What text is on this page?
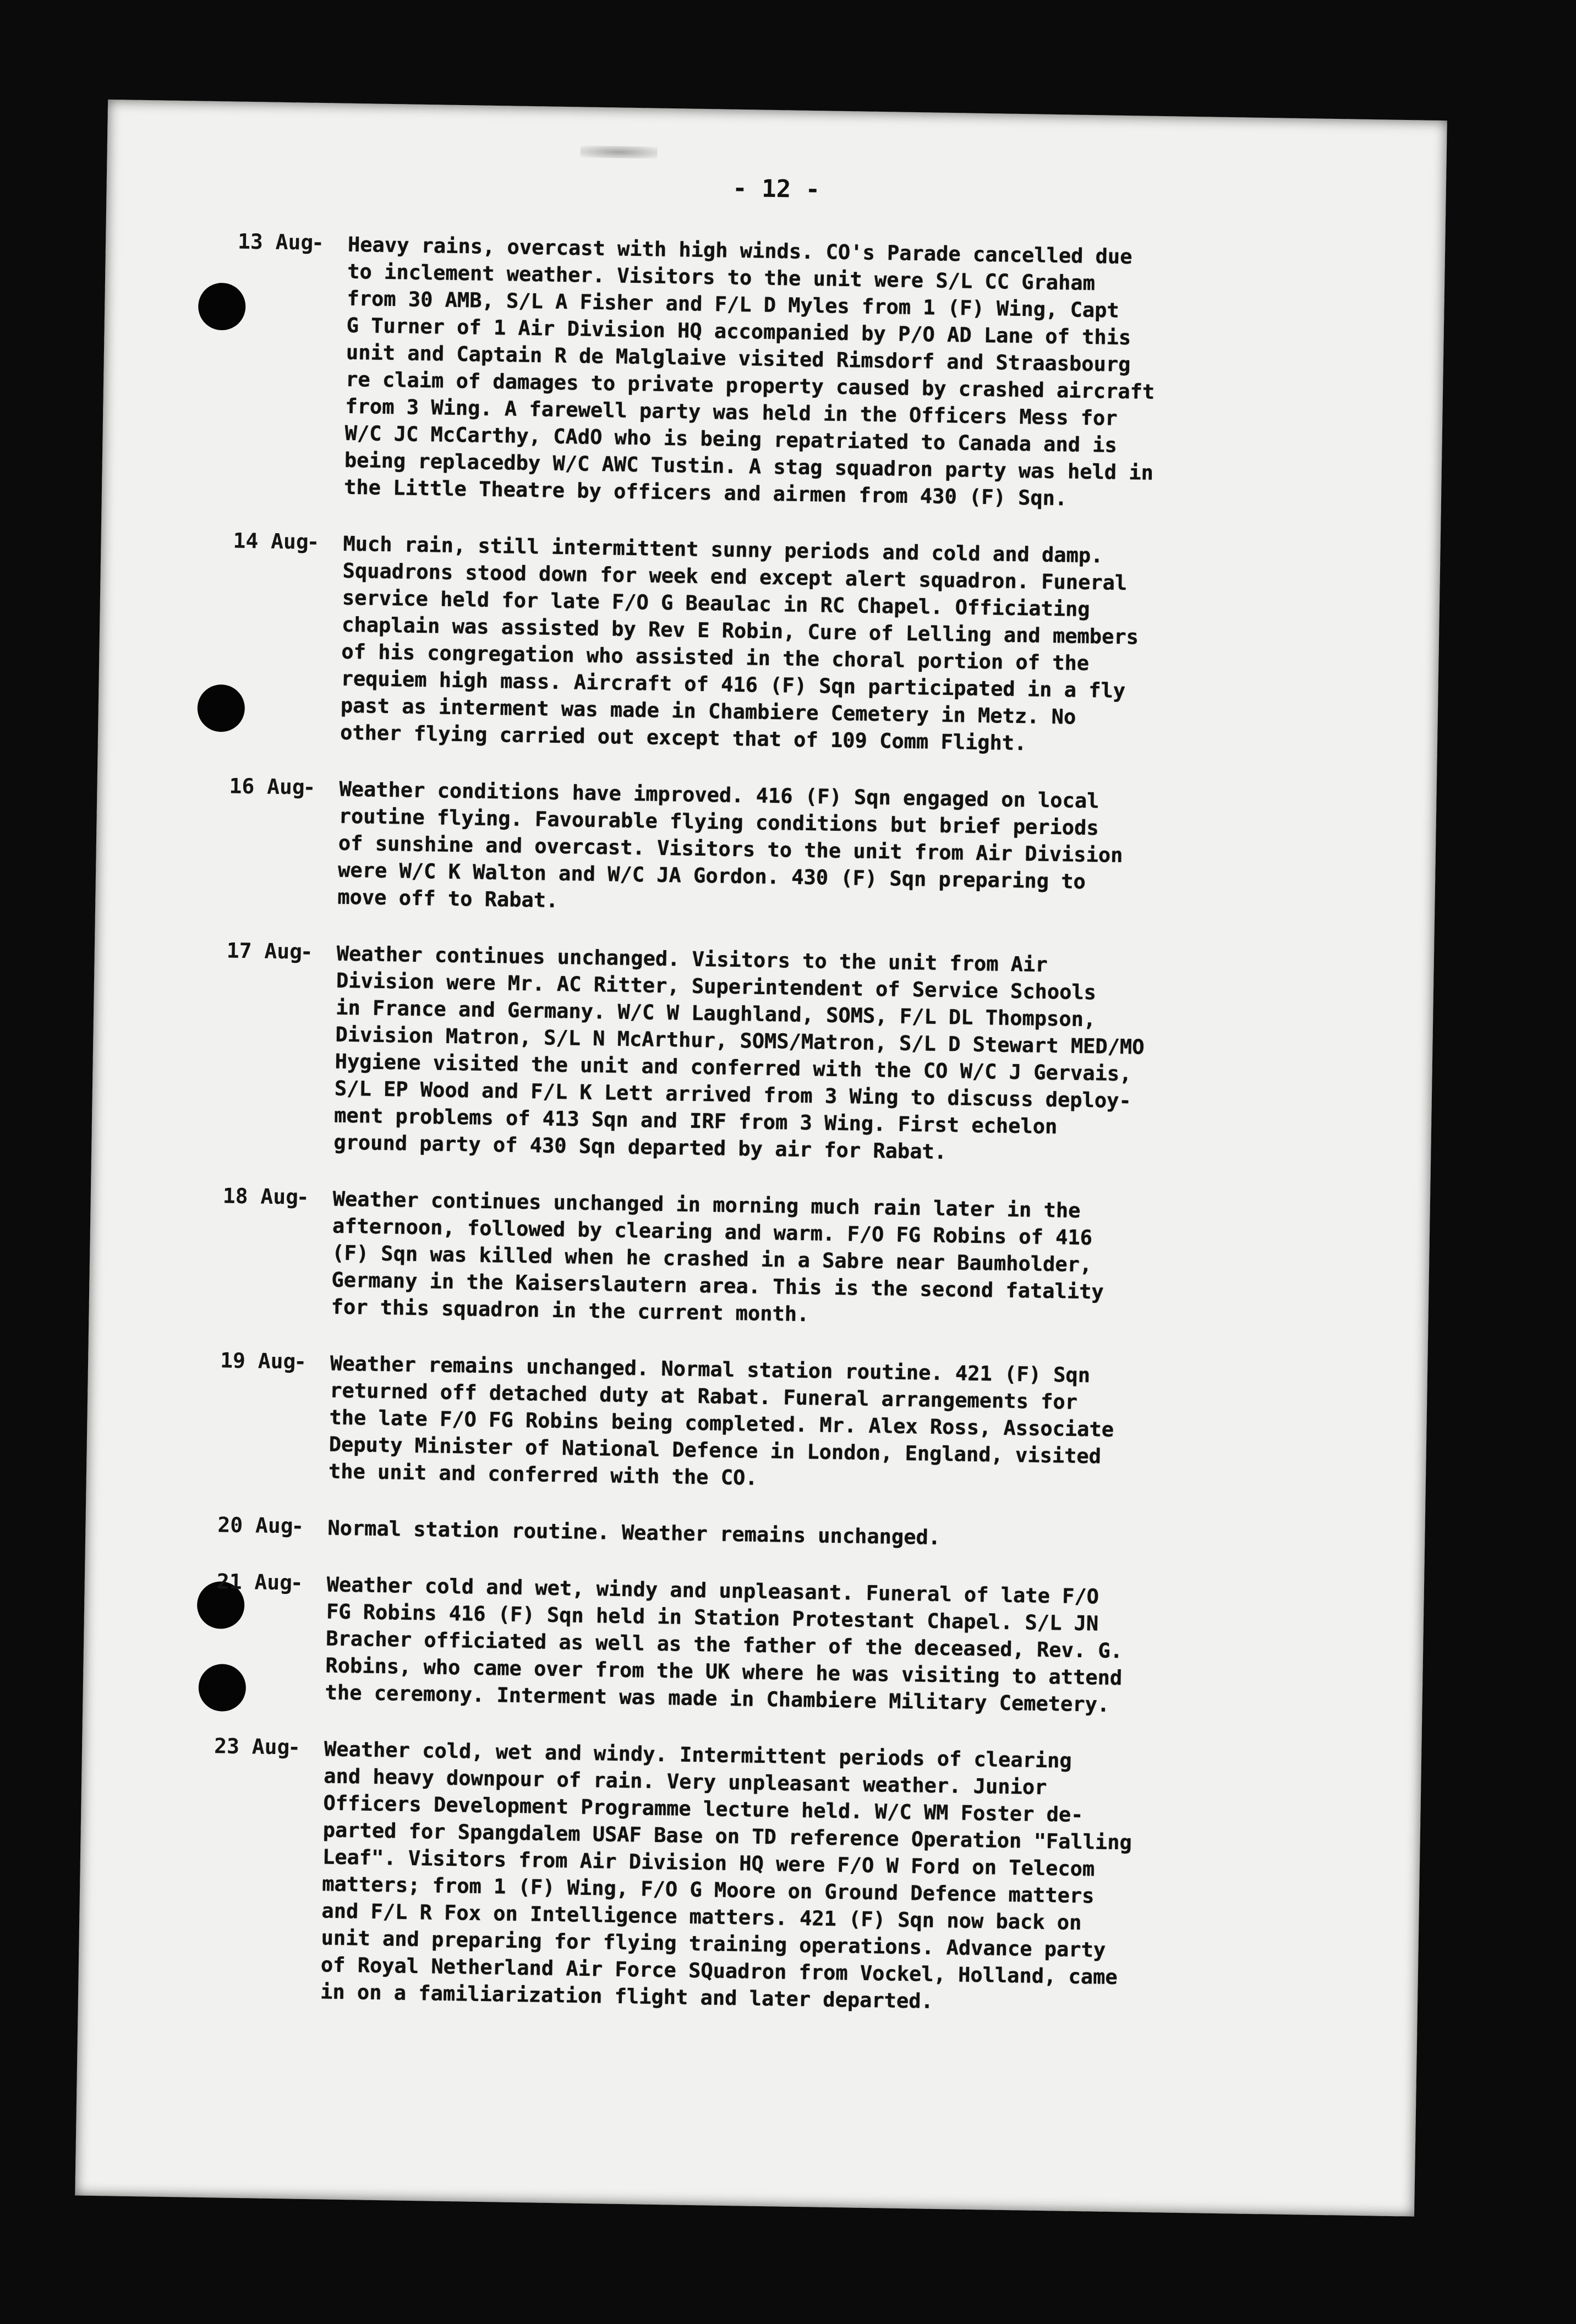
- 12 -
13 Aug
- Heavy rains, overcast with high winds. CO's Parade cancelled due
to inclement weather. Visitors to the unit were S/L CC Graham
from 30 AMB, S/L A Fisher and F/L D Myles from 1 (F) Wing, Capt
G Turner of 1 Air Division HQ accompanied by P/O AD Lane of this
unit and Captain R de Malglaive visited Rimsdorf and Straasbourg
re claim of damages to private property caused by crashed aircraft
from 3 Wing. A farewell party was held in the Officers Mess for
W/C JC McCarthy, CAdO who is being repatriated to Canada and is
being replacedby W/C AWC Tustin. A stag squadron party was held in
the Little Theatre by officers and airmen from 430 (F) Sqn.
14 Aug
- Much rain, still intermittent sunny periods and cold and damp.
Squadrons stood down for week end except alert squadron. Funeral
service held for late F/O G Beaulac in RC Chapel. Officiating
chaplain was assisted by Rev E Robin, Cure of Lelling and members
of his congregation who assisted in the choral portion of the
requiem high mass. Aircraft of 416 (F) Sqn participated in a fly
past as interment was made in Chambiere Cemetery in Metz. No
other flying carried out except that of 109 Comm Flight.
16 Aug
- Weather conditions have improved. 416 (F) Sqn engaged on local
routine flying. Favourable flying conditions but brief periods
of sunshine and overcast. Visitors to the unit from Air Division
were W/C K Walton and W/C JA Gordon. 430 (F) Sqn preparing to
move off to Rabat.
17 Aug
- Weather continues unchanged. Visitors to the unit from Air
Division were Mr. AC Ritter, Superintendent of Service Schools
in France and Germany. W/C W Laughland, SOMS, F/L DL Thompson,
Division Matron, S/L N McArthur, SOMS/Matron, S/L D Stewart MED/MO
Hygiene visited the unit and conferred with the CO W/C J Gervais,
S/L EP Wood and F/L K Lett arrived from 3 Wing to discuss deploy-
ment problems of 413 Sqn and IRF from 3 Wing. First echelon
ground party of 430 Sqn departed by air for Rabat.
18 Aug
- Weather continues unchanged in morning much rain later in the
afternoon, followed by clearing and warm. F/O FG Robins of 416
(F) Sqn was killed when he crashed in a Sabre near Baumholder,
Germany in the Kaiserslautern area. This is the second fatality
for this squadron in the current month.
19 Aug
- Weather remains unchanged. Normal station routine. 421 (F) Sqn
returned off detached duty at Rabat. Funeral arrangements for
the late F/O FG Robins being completed. Mr. Alex Ross, Associate
Deputy Minister of National Defence in London, England, visited
the unit and conferred with the CO.
20 Aug
- Normal station routine. Weather remains unchanged.
21 Aug
- Weather cold and wet, windy and unpleasant. Funeral of late F/O
FG Robins 416 (F) Sqn held in Station Protestant Chapel. S/L JN
Bracher officiated as well as the father of the deceased, Rev. G.
Robins, who came over from the UK where he was visiting to attend
the ceremony. Interment was made in Chambiere Military Cemetery.
23 Aug
- Weather cold, wet and windy. Intermittent periods of clearing
and heavy downpour of rain. Very unpleasant weather. Junior
Officers Development Programme lecture held. W/C WM Foster de-
parted for Spangdalem USAF Base on TD reference Operation "Falling
Leaf". Visitors from Air Division HQ were F/O W Ford on Telecom
matters; from 1 (F) Wing, F/O G Moore on Ground Defence matters
and F/L R Fox on Intelligence matters. 421 (F) Sqn now back on
unit and preparing for flying training operations. Advance party
of Royal Netherland Air Force SQuadron from Vockel, Holland, came
in on a familiarization flight and later departed.
